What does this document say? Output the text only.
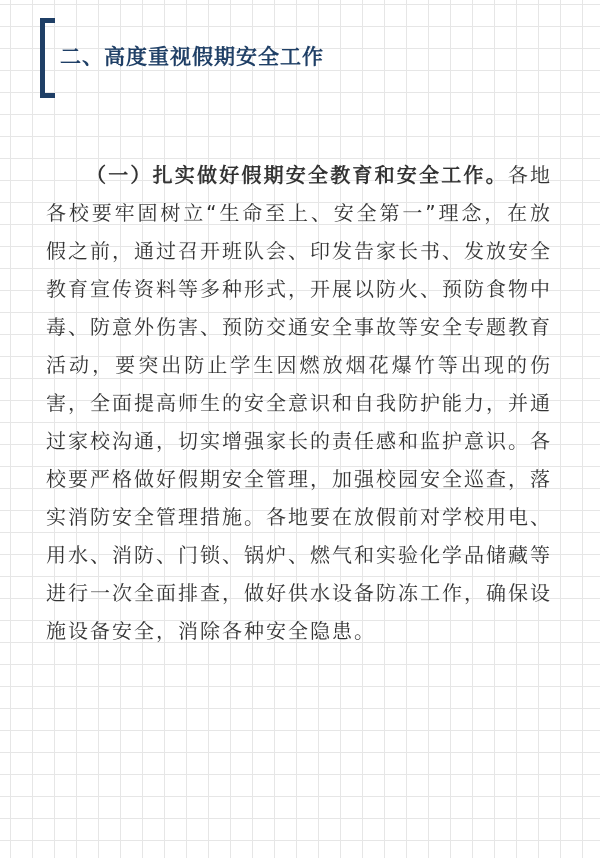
二、高度重视假期安全工作

（一）扎实做好假期安全教育和安全工作。各地各校要牢固树立“生命至上、安全第一”理念，在放假之前，通过召开班队会、印发告家长书、发放安全教育宣传资料等多种形式，开展以防火、预防食物中毒、防意外伤害、预防交通安全事故等安全专题教育活动，要突出防止学生因燃放烟花爆竹等出现的伤害，全面提高师生的安全意识和自我防护能力，并通过家校沟通，切实增强家长的责任感和监护意识。各校要严格做好假期安全管理，加强校园安全巡查，落实消防安全管理措施。各地要在放假前对学校用电、用水、消防、门锁、锅炉、燃气和实验化学品储藏等进行一次全面排查，做好供水设备防冻工作，确保设施设备安全，消除各种安全隐患。
